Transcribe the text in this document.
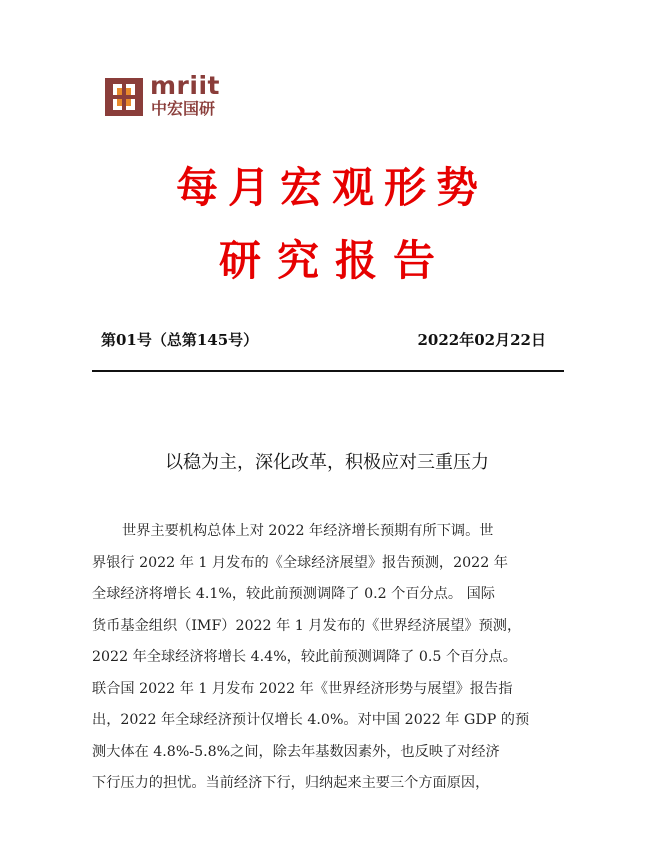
mriit
中宏国研
每月宏观形势
研究报告
第01号（总第145号）	2022年02月22日
以稳为主，深化改革，积极应对三重压力
世界主要机构总体上对 2022 年经济增长预期有所下调。世
界银行 2022 年 1 月发布的《全球经济展望》报告预测，2022 年
全球经济将增长 4.1%，较此前预测调降了 0.2 个百分点。 国际
货币基金组织（IMF）2022 年 1 月发布的《世界经济展望》预测，
2022 年全球经济将增长 4.4%，较此前预测调降了 0.5 个百分点。
联合国 2022 年 1 月发布 2022 年《世界经济形势与展望》报告指
出，2022 年全球经济预计仅增长 4.0%。对中国 2022 年 GDP 的预
测大体在 4.8%-5.8%之间，除去年基数因素外，也反映了对经济
下行压力的担忧。当前经济下行，归纳起来主要三个方面原因，
